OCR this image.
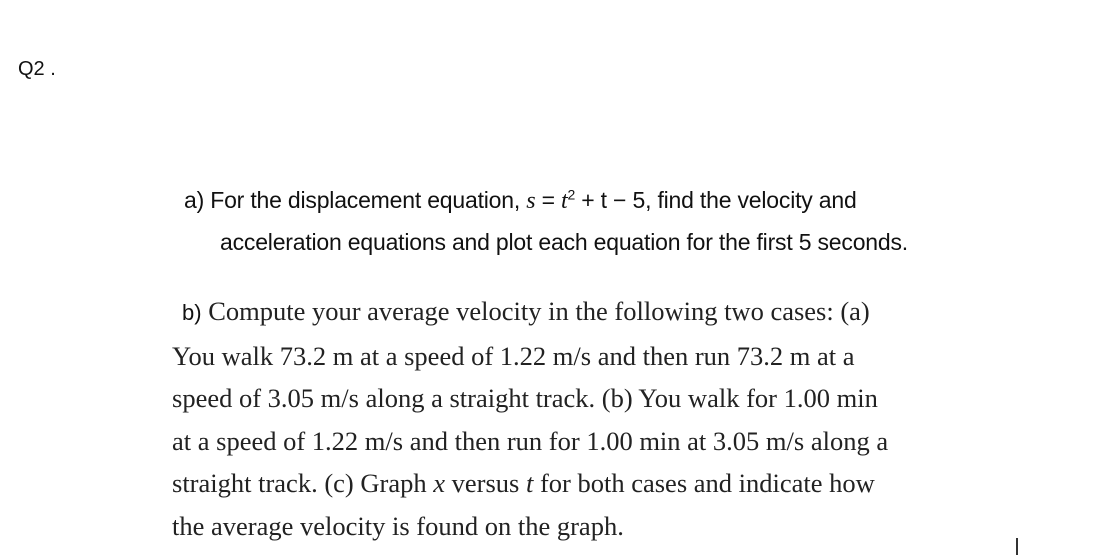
Q2 .
a) For the displacement equation, $s = t^2 + t - 5$, find the velocity and
acceleration equations and plot each equation for the first 5 seconds.
b) Compute your average velocity in the following two cases: (a)
You walk 73.2 m at a speed of 1.22 m/s and then run 73.2 m at a
speed of 3.05 m/s along a straight track. (b) You walk for 1.00 min
at a speed of 1.22 m/s and then run for 1.00 min at 3.05 m/s along a
straight track. (c) Graph x versus t for both cases and indicate how
the average velocity is found on the graph.
